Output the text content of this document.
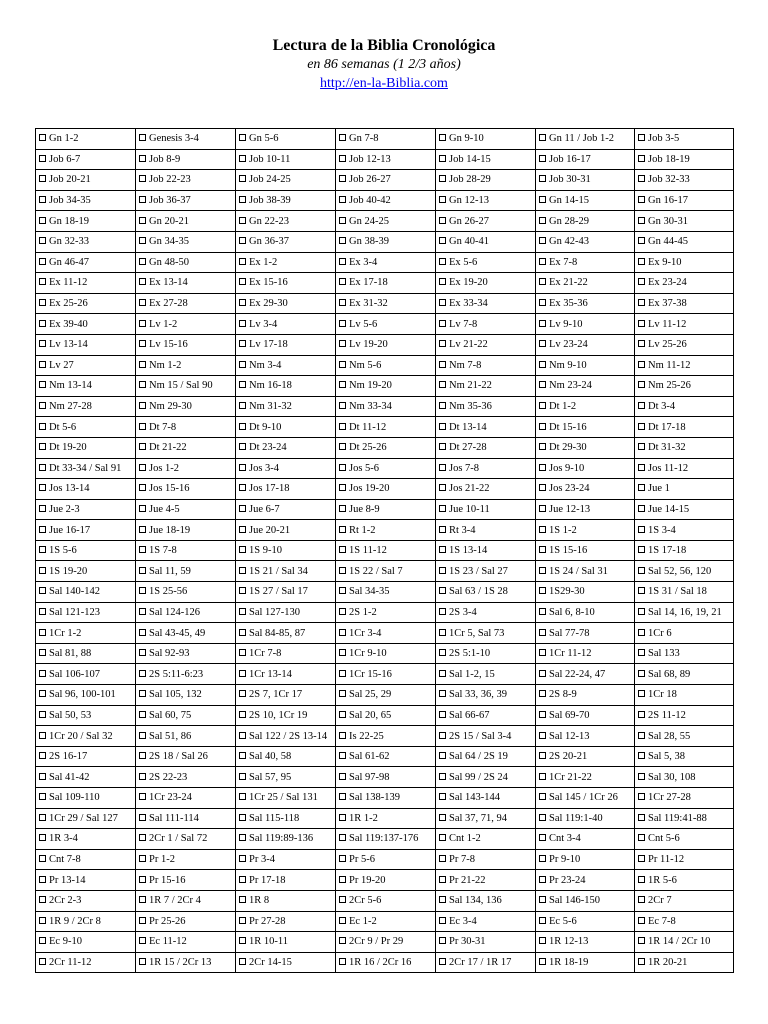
Lectura de la Biblia Cronológica
en 86 semanas (1 2/3 años)
http://en-la-Biblia.com
Gn 1-2	Genesis 3-4	Gn 5-6	Gn 7-8	Gn 9-10	Gn 11 / Job 1-2	Job 3-5
Job 6-7	Job 8-9	Job 10-11	Job 12-13	Job 14-15	Job 16-17	Job 18-19
Job 20-21	Job 22-23	Job 24-25	Job 26-27	Job 28-29	Job 30-31	Job 32-33
Job 34-35	Job 36-37	Job 38-39	Job 40-42	Gn 12-13	Gn 14-15	Gn 16-17
Gn 18-19	Gn 20-21	Gn 22-23	Gn 24-25	Gn 26-27	Gn 28-29	Gn 30-31
Gn 32-33	Gn 34-35	Gn 36-37	Gn 38-39	Gn 40-41	Gn 42-43	Gn 44-45
Gn 46-47	Gn 48-50	Ex 1-2	Ex 3-4	Ex 5-6	Ex 7-8	Ex 9-10
Ex 11-12	Ex 13-14	Ex 15-16	Ex 17-18	Ex 19-20	Ex 21-22	Ex 23-24
Ex 25-26	Ex 27-28	Ex 29-30	Ex 31-32	Ex 33-34	Ex 35-36	Ex 37-38
Ex 39-40	Lv 1-2	Lv 3-4	Lv 5-6	Lv 7-8	Lv 9-10	Lv 11-12
Lv 13-14	Lv 15-16	Lv 17-18	Lv 19-20	Lv 21-22	Lv 23-24	Lv 25-26
Lv 27	Nm 1-2	Nm 3-4	Nm 5-6	Nm 7-8	Nm 9-10	Nm 11-12
Nm 13-14	Nm 15 / Sal 90	Nm 16-18	Nm 19-20	Nm 21-22	Nm 23-24	Nm 25-26
Nm 27-28	Nm 29-30	Nm 31-32	Nm 33-34	Nm 35-36	Dt 1-2	Dt 3-4
Dt 5-6	Dt 7-8	Dt 9-10	Dt 11-12	Dt 13-14	Dt 15-16	Dt 17-18
Dt 19-20	Dt 21-22	Dt 23-24	Dt 25-26	Dt 27-28	Dt 29-30	Dt 31-32
Dt 33-34 / Sal 91	Jos 1-2	Jos 3-4	Jos 5-6	Jos 7-8	Jos 9-10	Jos 11-12
Jos 13-14	Jos 15-16	Jos 17-18	Jos 19-20	Jos 21-22	Jos 23-24	Jue 1
Jue 2-3	Jue 4-5	Jue 6-7	Jue 8-9	Jue 10-11	Jue 12-13	Jue 14-15
Jue 16-17	Jue 18-19	Jue 20-21	Rt 1-2	Rt 3-4	1S 1-2	1S 3-4
1S 5-6	1S 7-8	1S 9-10	1S 11-12	1S 13-14	1S 15-16	1S 17-18
1S 19-20	Sal 11, 59	1S 21 / Sal 34	1S 22 / Sal 7	1S 23 / Sal 27	1S 24 / Sal 31	Sal 52, 56, 120
Sal 140-142	1S 25-56	1S 27 / Sal 17	Sal 34-35	Sal 63 / 1S 28	1S29-30	1S 31 / Sal 18
Sal 121-123	Sal 124-126	Sal 127-130	2S 1-2	2S 3-4	Sal 6, 8-10	Sal 14, 16, 19, 21
1Cr 1-2	Sal 43-45, 49	Sal 84-85, 87	1Cr 3-4	1Cr 5, Sal 73	Sal 77-78	1Cr 6
Sal 81, 88	Sal 92-93	1Cr 7-8	1Cr 9-10	2S 5:1-10	1Cr 11-12	Sal 133
Sal 106-107	2S 5:11-6:23	1Cr 13-14	1Cr 15-16	Sal 1-2, 15	Sal 22-24, 47	Sal 68, 89
Sal 96, 100-101	Sal 105, 132	2S 7, 1Cr 17	Sal 25, 29	Sal 33, 36, 39	2S 8-9	1Cr 18
Sal 50, 53	Sal 60, 75	2S 10, 1Cr 19	Sal 20, 65	Sal 66-67	Sal 69-70	2S 11-12
1Cr 20 / Sal 32	Sal 51, 86	Sal 122 / 2S 13-14	Is 22-25	2S 15 / Sal 3-4	Sal 12-13	Sal 28, 55
2S 16-17	2S 18 / Sal 26	Sal 40, 58	Sal 61-62	Sal 64 / 2S 19	2S 20-21	Sal 5, 38
Sal 41-42	2S 22-23	Sal 57, 95	Sal 97-98	Sal 99 / 2S 24	1Cr 21-22	Sal 30, 108
Sal 109-110	1Cr 23-24	1Cr 25 / Sal 131	Sal 138-139	Sal 143-144	Sal 145 / 1Cr 26	1Cr 27-28
1Cr 29 / Sal 127	Sal 111-114	Sal 115-118	1R 1-2	Sal 37, 71, 94	Sal 119:1-40	Sal 119:41-88
1R 3-4	2Cr 1 / Sal 72	Sal 119:89-136	Sal 119:137-176	Cnt 1-2	Cnt 3-4	Cnt 5-6
Cnt 7-8	Pr 1-2	Pr 3-4	Pr 5-6	Pr 7-8	Pr 9-10	Pr 11-12
Pr 13-14	Pr 15-16	Pr 17-18	Pr 19-20	Pr 21-22	Pr 23-24	1R 5-6
2Cr 2-3	1R 7 / 2Cr 4	1R 8	2Cr 5-6	Sal 134, 136	Sal 146-150	2Cr 7
1R 9 / 2Cr 8	Pr 25-26	Pr 27-28	Ec 1-2	Ec 3-4	Ec 5-6	Ec 7-8
Ec 9-10	Ec 11-12	1R 10-11	2Cr 9 / Pr 29	Pr 30-31	1R 12-13	1R 14 / 2Cr 10
2Cr 11-12	1R 15 / 2Cr 13	2Cr 14-15	1R 16 / 2Cr 16	2Cr 17 / 1R 17	1R 18-19	1R 20-21
